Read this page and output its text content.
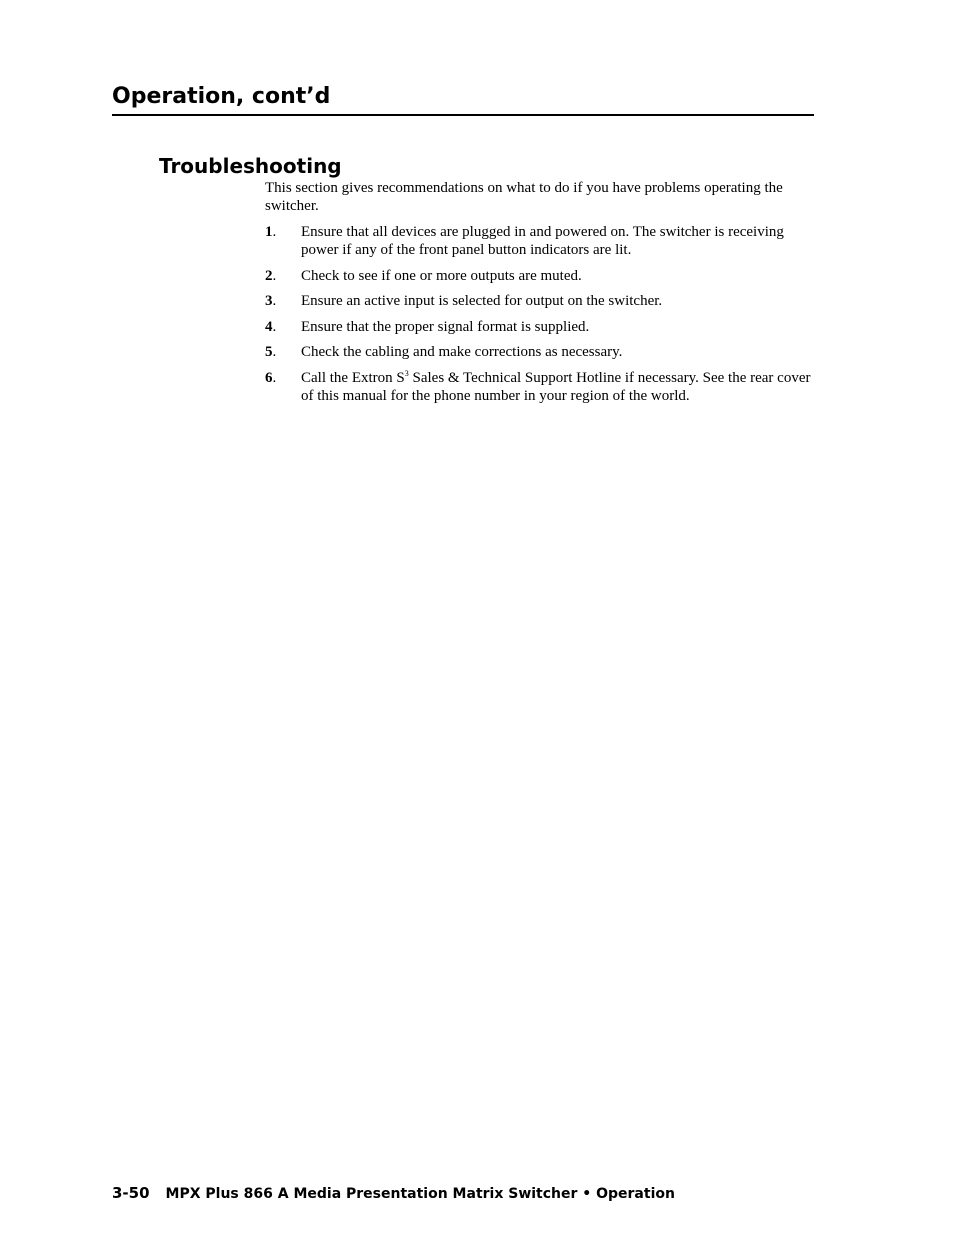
Operation, cont’d
Troubleshooting

This section gives recommendations on what to do if you have problems operating the switcher.

1. Ensure that all devices are plugged in and powered on. The switcher is receiving power if any of the front panel button indicators are lit.
2. Check to see if one or more outputs are muted.
3. Ensure an active input is selected for output on the switcher.
4. Ensure that the proper signal format is supplied.
5. Check the cabling and make corrections as necessary.
6. Call the Extron $S^3$ Sales & Technical Support Hotline if necessary. See the rear cover of this manual for the phone number in your region of the world.
3-50 MPX Plus 866 A Media Presentation Matrix Switcher • Operation
